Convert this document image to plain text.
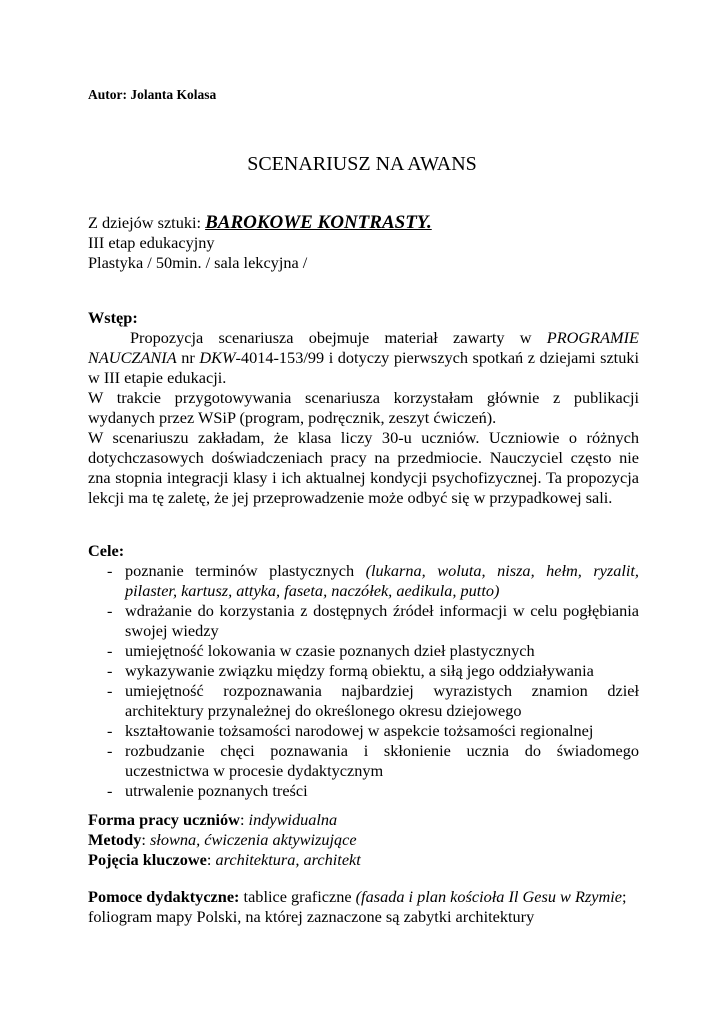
Autor: Jolanta Kolasa
SCENARIUSZ NA AWANS
Z dziejów sztuki: BAROKOWE KONTRASTY.
III etap edukacyjny
Plastyka / 50min. / sala lekcyjna /
Wstęp:

Propozycja scenariusza obejmuje materiał zawarty w PROGRAMIE NAUCZANIA nr DKW-4014-153/99 i dotyczy pierwszych spotkań z dziejami sztuki w III etapie edukacji.

W trakcie przygotowywania scenariusza korzystałam głównie z publikacji wydanych przez WSiP (program, podręcznik, zeszyt ćwiczeń).

W scenariuszu zakładam, że klasa liczy 30-u uczniów. Uczniowie o różnych dotychczasowych doświadczeniach pracy na przedmiocie. Nauczyciel często nie zna stopnia integracji klasy i ich aktualnej kondycji psychofizycznej. Ta propozycja lekcji ma tę zaletę, że jej przeprowadzenie może odbyć się w przypadkowej sali.

Cele:
- poznanie terminów plastycznych (lukarna, woluta, nisza, hełm, ryzalit, pilaster, kartusz, attyka, faseta, naczółek, aedikula, putto)
- wdrażanie do korzystania z dostępnych źródeł informacji w celu pogłębiania swojej wiedzy
- umiejętność lokowania w czasie poznanych dzieł plastycznych
- wykazywanie związku między formą obiektu, a siłą jego oddziaływania
- umiejętność rozpoznawania najbardziej wyrazistych znamion dzieł architektury przynależnej do określonego okresu dziejowego
- kształtowanie tożsamości narodowej w aspekcie tożsamości regionalnej
- rozbudzanie chęci poznawania i skłonienie ucznia do świadomego uczestnictwa w procesie dydaktycznym
- utrwalenie poznanych treści
Forma pracy uczniów: indywidualna
Metody: słowna, ćwiczenia aktywizujące
Pojęcia kluczowe: architektura, architekt
Pomoce dydaktyczne: tablice graficzne (fasada i plan kościoła Il Gesu w Rzymie; foliogram mapy Polski, na której zaznaczone są zabytki architektury
